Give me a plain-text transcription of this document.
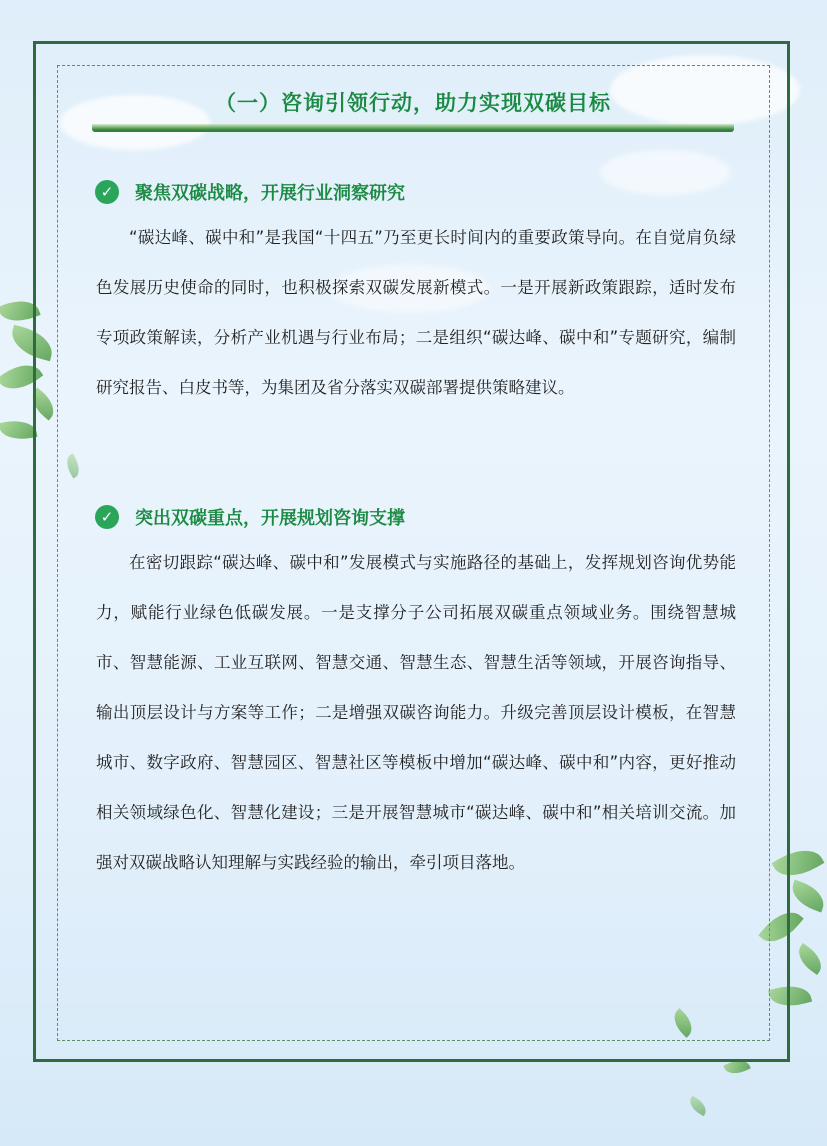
（一）咨询引领行动，助力实现双碳目标
✓	聚焦双碳战略，开展行业洞察研究

“碳达峰、碳中和”是我国“十四五”乃至更长时间内的重要政策导向。在自觉肩负绿色发展历史使命的同时，也积极探索双碳发展新模式。一是开展新政策跟踪，适时发布专项政策解读，分析产业机遇与行业布局；二是组织“碳达峰、碳中和”专题研究，编制研究报告、白皮书等，为集团及省分落实双碳部署提供策略建议。

✓	突出双碳重点，开展规划咨询支撑

在密切跟踪“碳达峰、碳中和”发展模式与实施路径的基础上，发挥规划咨询优势能力，赋能行业绿色低碳发展。一是支撑分子公司拓展双碳重点领域业务。围绕智慧城市、智慧能源、工业互联网、智慧交通、智慧生态、智慧生活等领域，开展咨询指导、输出顶层设计与方案等工作；二是增强双碳咨询能力。升级完善顶层设计模板，在智慧城市、数字政府、智慧园区、智慧社区等模板中增加“碳达峰、碳中和”内容，更好推动相关领域绿色化、智慧化建设；三是开展智慧城市“碳达峰、碳中和”相关培训交流。加强对双碳战略认知理解与实践经验的输出，牵引项目落地。
